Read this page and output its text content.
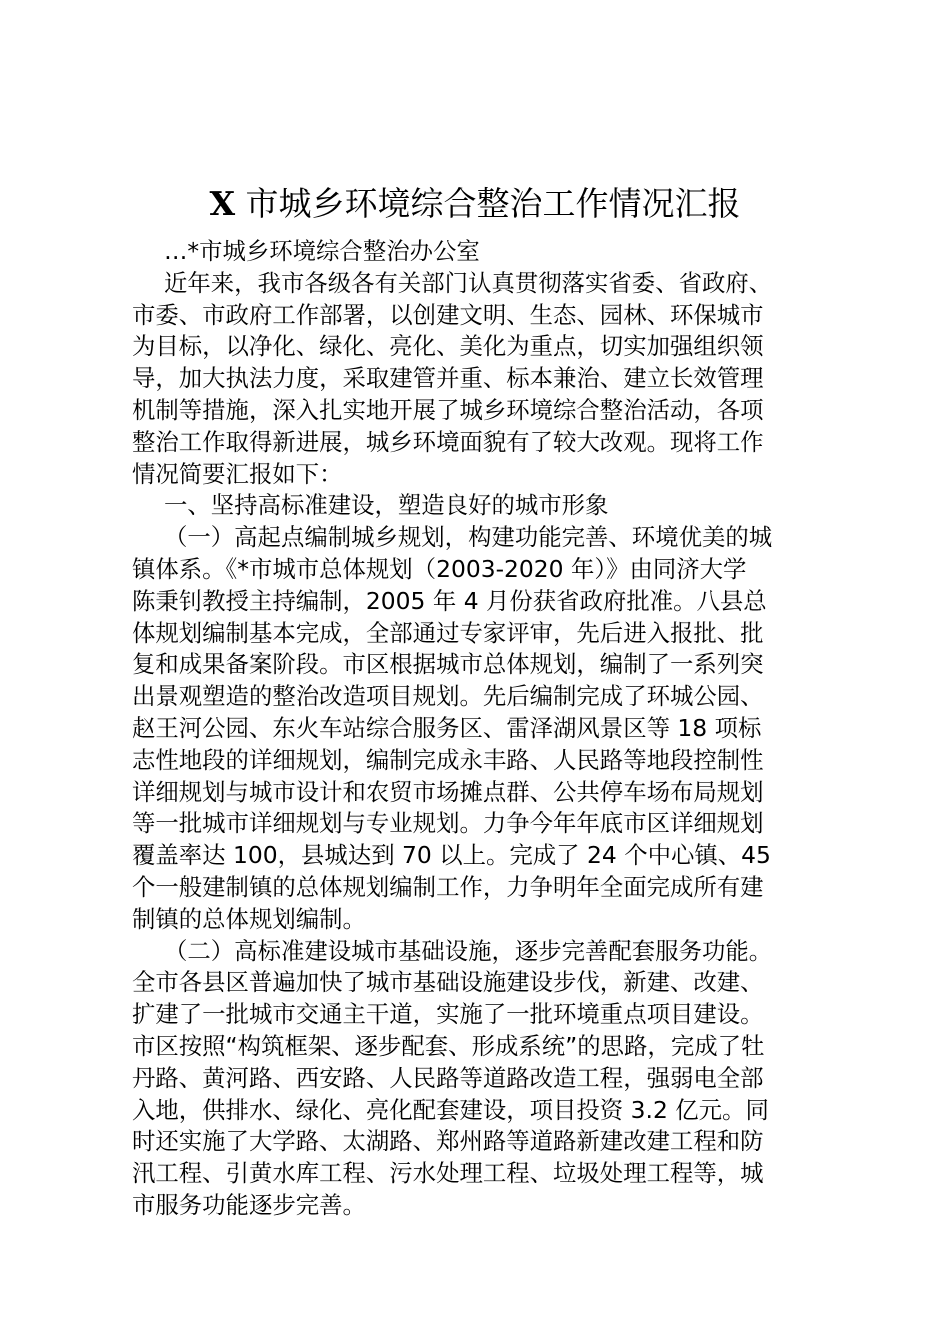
X 市城乡环境综合整治工作情况汇报
…*市城乡环境综合整治办公室
近年来，我市各级各有关部门认真贯彻落实省委、省政府、
市委、市政府工作部署，以创建文明、生态、园林、环保城市
为目标，以净化、绿化、亮化、美化为重点，切实加强组织领
导，加大执法力度，采取建管并重、标本兼治、建立长效管理
机制等措施，深入扎实地开展了城乡环境综合整治活动，各项
整治工作取得新进展，城乡环境面貌有了较大改观。现将工作
情况简要汇报如下：
一、坚持高标准建设，塑造良好的城市形象
（一）高起点编制城乡规划，构建功能完善、环境优美的城
镇体系。《*市城市总体规划（2003-2020 年）》由同济大学
陈秉钊教授主持编制，2005 年 4 月份获省政府批准。八县总
体规划编制基本完成，全部通过专家评审，先后进入报批、批
复和成果备案阶段。市区根据城市总体规划，编制了一系列突
出景观塑造的整治改造项目规划。先后编制完成了环城公园、
赵王河公园、东火车站综合服务区、雷泽湖风景区等 18 项标
志性地段的详细规划，编制完成永丰路、人民路等地段控制性
详细规划与城市设计和农贸市场摊点群、公共停车场布局规划
等一批城市详细规划与专业规划。力争今年年底市区详细规划
覆盖率达 100，县城达到 70 以上。完成了 24 个中心镇、45
个一般建制镇的总体规划编制工作，力争明年全面完成所有建
制镇的总体规划编制。
（二）高标准建设城市基础设施，逐步完善配套服务功能。
全市各县区普遍加快了城市基础设施建设步伐，新建、改建、
扩建了一批城市交通主干道，实施了一批环境重点项目建设。
市区按照“构筑框架、逐步配套、形成系统”的思路，完成了牡
丹路、黄河路、西安路、人民路等道路改造工程，强弱电全部
入地，供排水、绿化、亮化配套建设，项目投资 3.2 亿元。同
时还实施了大学路、太湖路、郑州路等道路新建改建工程和防
汛工程、引黄水库工程、污水处理工程、垃圾处理工程等，城
市服务功能逐步完善。
